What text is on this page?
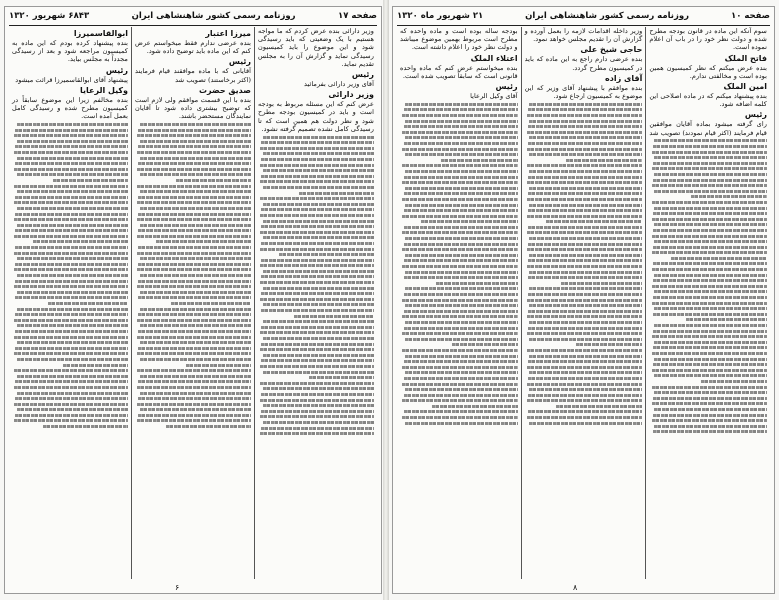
صفحه ۱۷
روزنامه رسمی کشور شاهنشاهی ایران
۶۸۴۳ شهریور ۱۳۲۰

وزیر دارائی بنده عرض کردم که ما مواجه هستیم با یک وضعیتی که باید رسیدگی شود و این موضوع را باید کمیسیون رسیدگی نماید و گزارش آن را به مجلس تقدیم نماید.

رئیس

آقای وزیر دارائی بفرمائید

وزیر دارائی

عرض کنم که این مسئله مربوط به بودجه است و باید در کمیسیون بودجه مطرح شود و نظر دولت هم همین است که تا رسیدگی کامل نشده تصمیم گرفته نشود.

میرزا اعتبار

بنده عرضی ندارم فقط میخواستم عرض کنم که این ماده باید توضیح داده شود.

رئیس

آقایانی که با ماده موافقند قیام فرمایند (اکثر برخاستند) تصویب شد

صدیق حضرت

بنده با این قسمت موافقم ولی لازم است که توضیح بیشتری داده شود تا آقایان نمایندگان مستحضر باشند.

ابوالقاسمیرزا

بنده پیشنهاد کرده بودم که این ماده به کمیسیون مراجعه شود و بعد از رسیدگی مجدداً به مجلس بیاید.

رئیس

پیشنهاد آقای ابوالقاسمیرزا قرائت میشود

وکیل الرعایا

بنده مخالفم زیرا این موضوع سابقاً در کمیسیون مطرح شده و رسیدگی کامل بعمل آمده است.

۶
صفحه ۱۰
روزنامه رسمی کشور شاهنشاهی ایران
۲۱ شهریور ماه ۱۳۲۰

سوم آنکه این ماده در قانون بودجه مطرح شده و دولت نظر خود را در باب آن اعلام نموده است.

فاتح الملک

بنده عرض میکنم که نظر کمیسیون همین بوده است و مخالفتی ندارم.

امین الملک

بنده پیشنهاد میکنم که در ماده اصلاحی این کلمه اضافه شود.

رئیس

رای گرفته میشود بماده آقایان موافقین قیام فرمایند (اکثر قیام نمودند) تصویب شد

وزیر داخله اقدامات لازمه را بعمل آورده و گزارش آن را تقدیم مجلس خواهد نمود.

حاجی شیخ علی

بنده عرضی دارم راجع به این ماده که باید در کمیسیون مطرح گردد.

آقای زاده

بنده موافقم با پیشنهاد آقای وزیر که این موضوع به کمیسیون ارجاع شود.

بودجه ساله بوده است و ماده واحده که مطرح است مربوط بهمین موضوع میباشد و دولت نظر خود را اعلام داشته است.

اعتلاء الملک

بنده میخواستم عرض کنم که ماده واحده قانونی است که سابقاً تصویب شده است.

رئیس

آقای وکیل الرعایا

۸
